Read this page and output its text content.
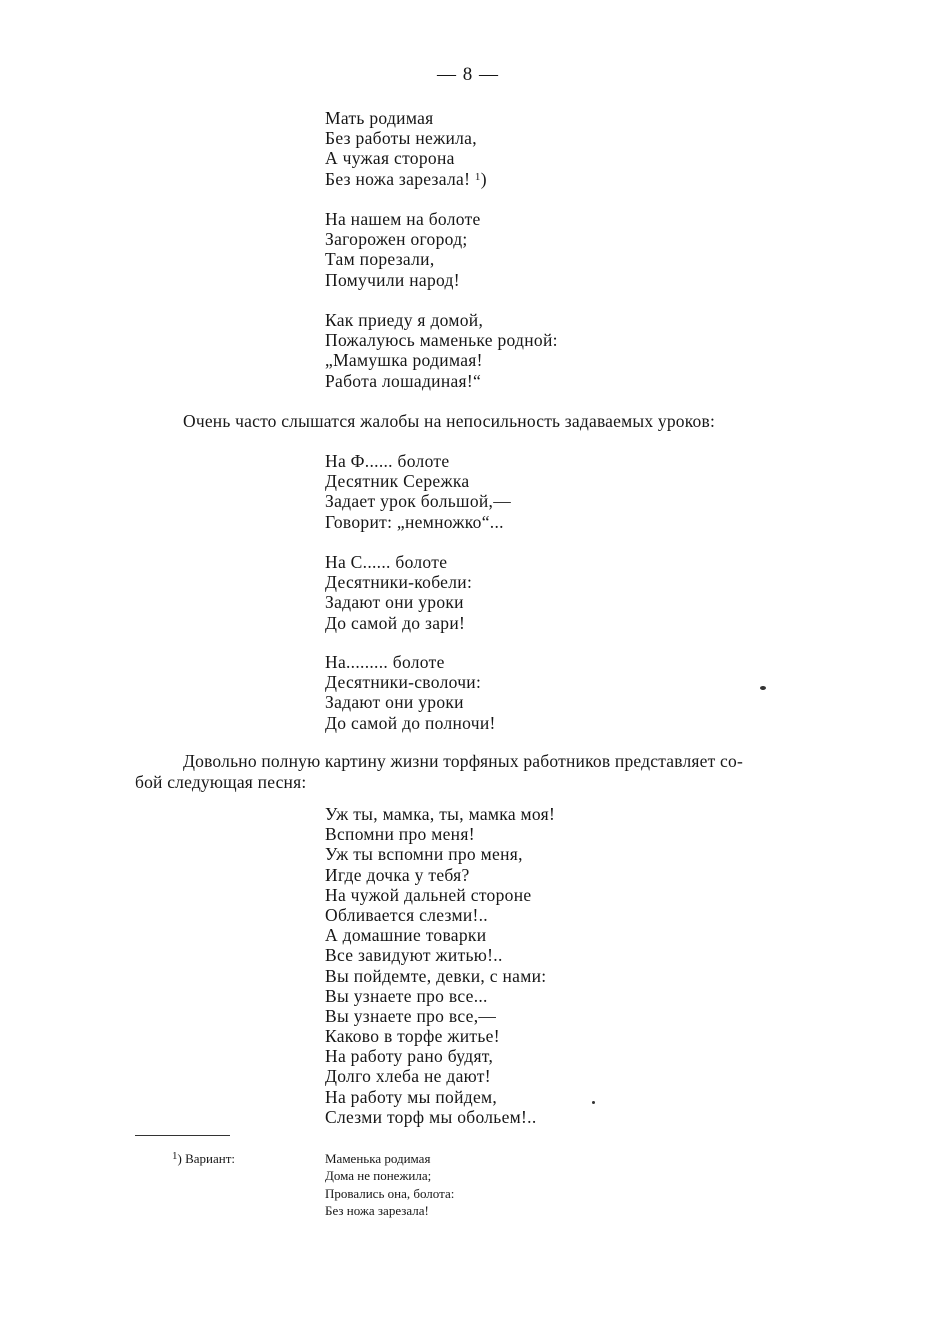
— 8 —
Мать родимая
Без работы нежила,
А чужая сторона
Без ножа зарезала! $^1$)
На нашем на болоте
Загорожен огород;
Там порезали,
Помучили народ!
Как приеду я домой,
Пожалуюсь маменьке родной:
„Мамушка родимая!
Работа лошадиная!“
Очень часто слышатся жалобы на непосильность задаваемых уроков:
На Ф...... болоте
Десятник Сережка
Задает урок большой,—
Говорит: „немножко“...
На С...... болоте
Десятники-кобели:
Задают они уроки
До самой до зари!
На......... болоте
Десятники-сволочи:
Задают они уроки
До самой до полночи!
Довольно полную картину жизни торфяных работников представляет со-
бой следующая песня:
Уж ты, мамка, ты, мамка моя!
Вспомни про меня!
Уж ты вспомни про меня,
Игде дочка у тебя?
На чужой дальней стороне
Обливается слезми!..
А домашние товарки
Все завидуют житью!..
Вы пойдемте, девки, с нами:
Вы узнаете про все...
Вы узнаете про все,—
Каково в торфе житье!
На работу рано будят,
Долго хлеба не дают!
На работу мы пойдем,
Слезми торф мы обольем!..
$^1$) Вариант:	Маменька родимая
Дома не понежила;
Провались она, болота:
Без ножа зарезала!
